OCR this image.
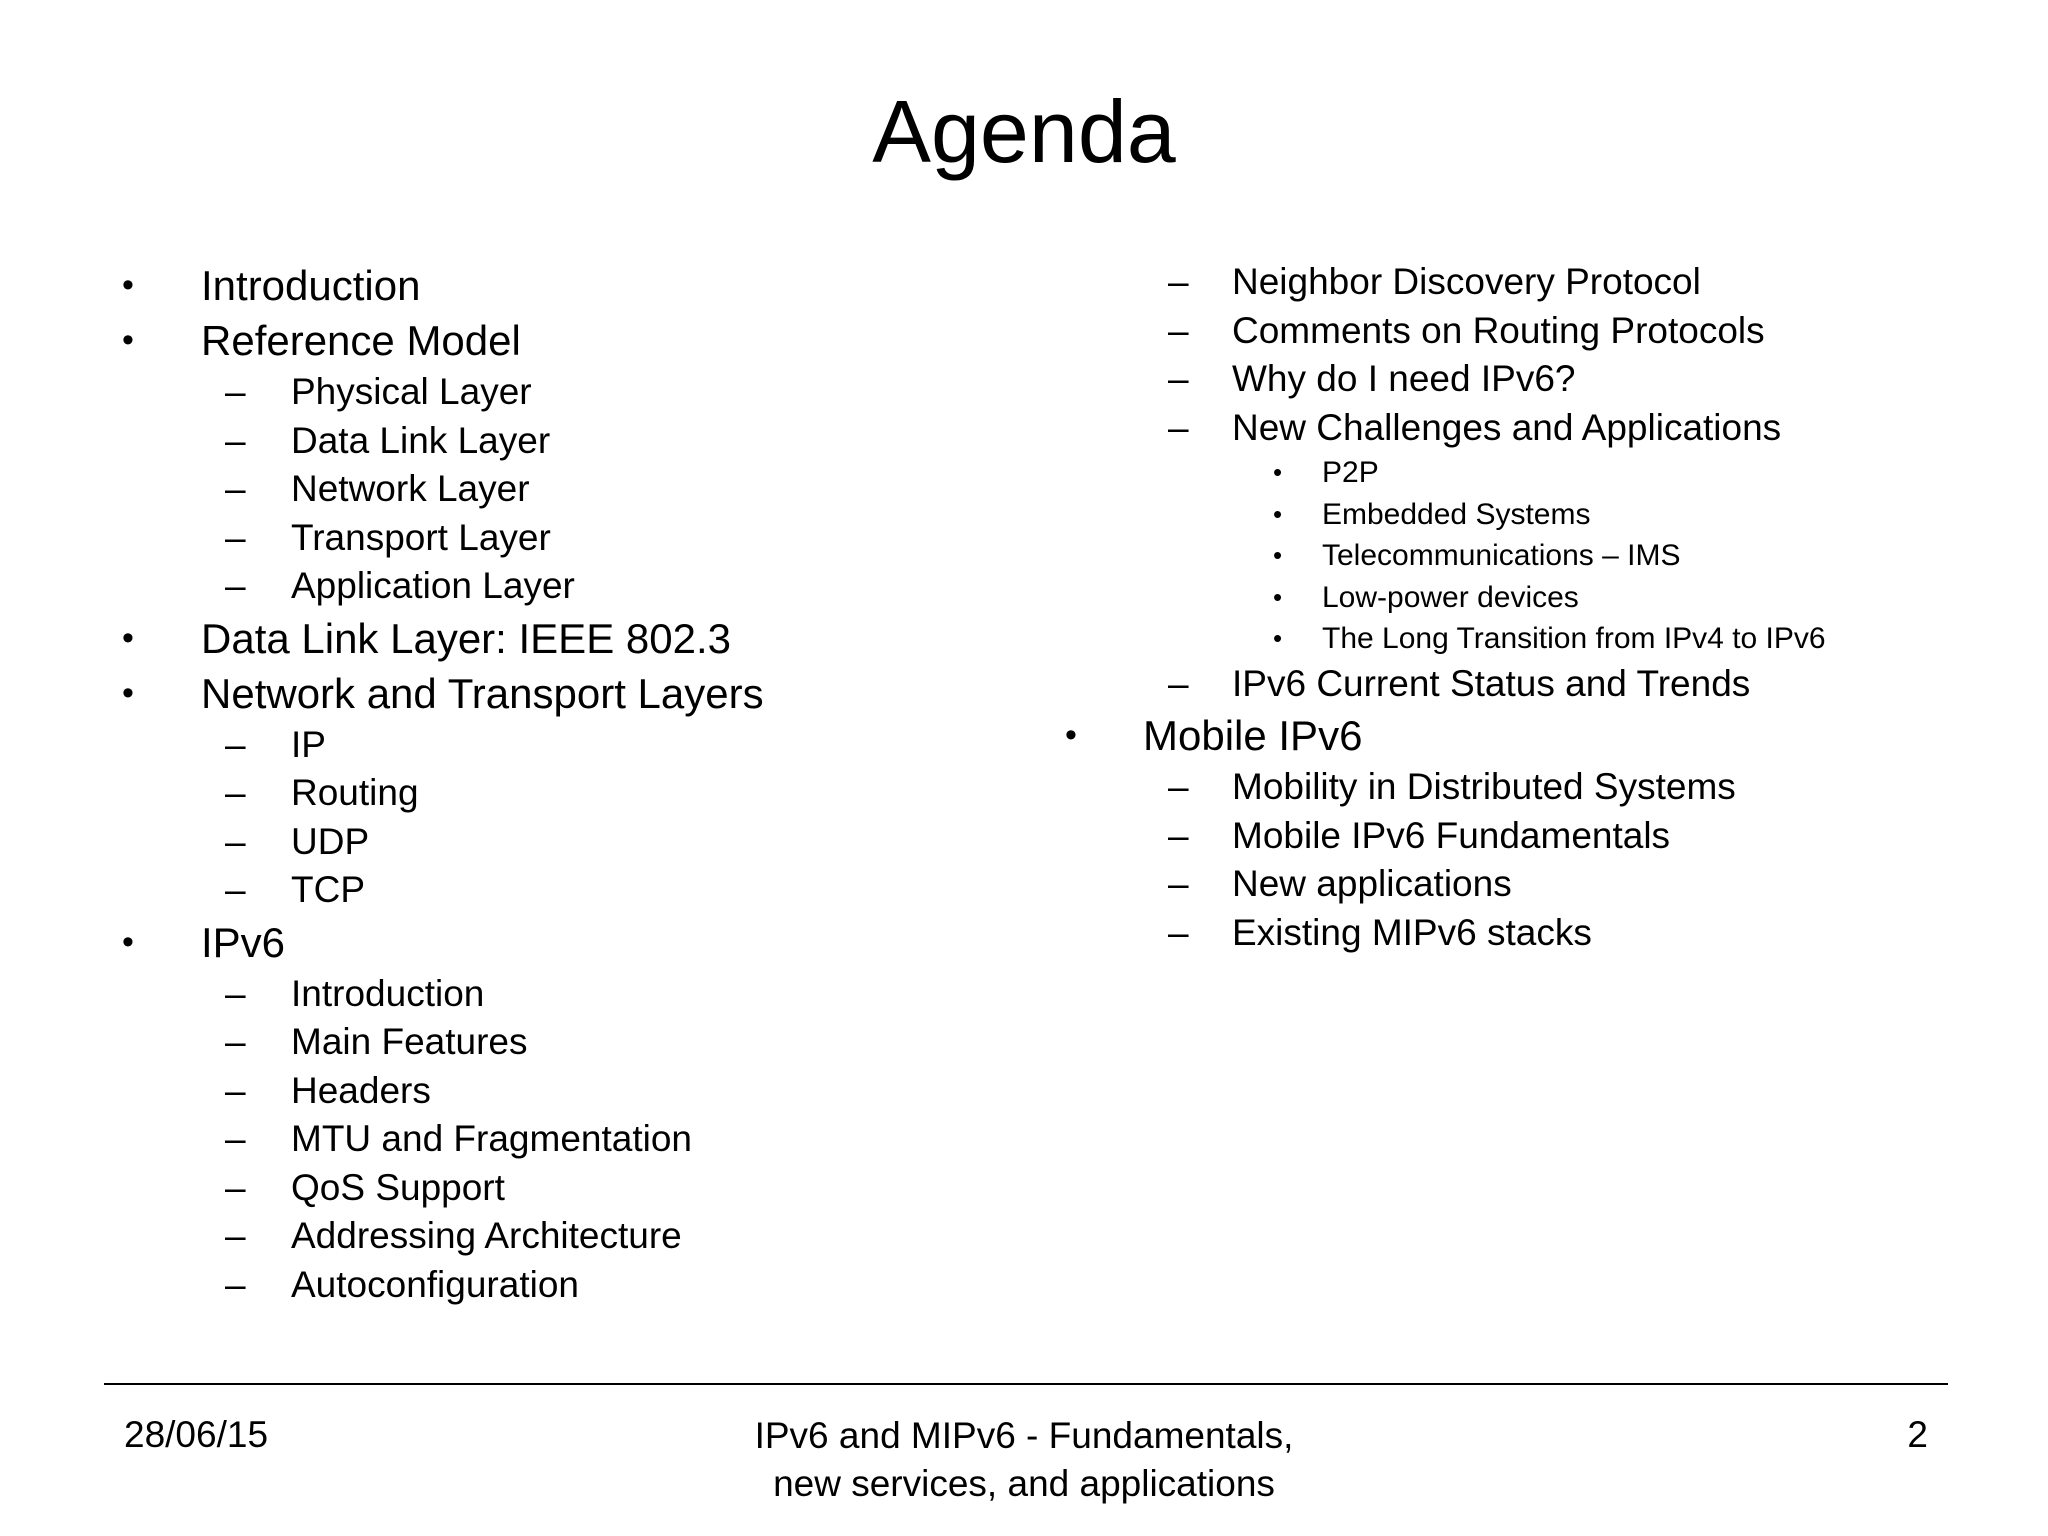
Agenda
• Introduction
• Reference Model
– Physical Layer
– Data Link Layer
– Network Layer
– Transport Layer
– Application Layer
• Data Link Layer: IEEE 802.3
• Network and Transport Layers
– IP
– Routing
– UDP
– TCP
• IPv6
– Introduction
– Main Features
– Headers
– MTU and Fragmentation
– QoS Support
– Addressing Architecture
– Autoconfiguration
– Neighbor Discovery Protocol
– Comments on Routing Protocols
– Why do I need IPv6?
– New Challenges and Applications
• P2P
• Embedded Systems
• Telecommunications – IMS
• Low-power devices
• The Long Transition from IPv4 to IPv6
– IPv6 Current Status and Trends
• Mobile IPv6
– Mobility in Distributed Systems
– Mobile IPv6 Fundamentals
– New applications
– Existing MIPv6 stacks
28/06/15	IPv6 and MIPv6 - Fundamentals,
new services, and applications
2
